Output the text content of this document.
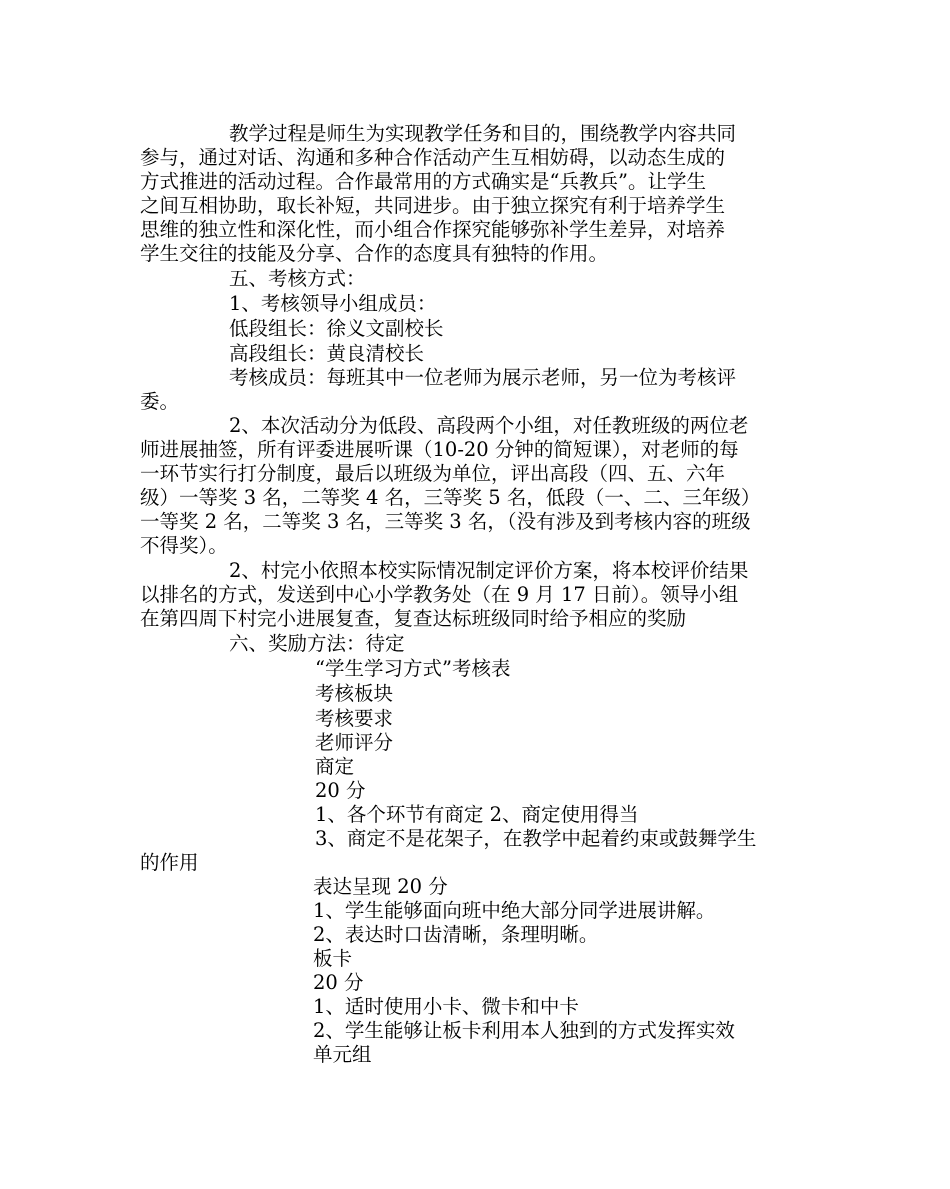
教学过程是师生为实现教学任务和目的，围绕教学内容共同
参与，通过对话、沟通和多种合作活动产生互相妨碍，以动态生成的
方式推进的活动过程。合作最常用的方式确实是“兵教兵”。让学生
之间互相协助，取长补短，共同进步。由于独立探究有利于培养学生
思维的独立性和深化性，而小组合作探究能够弥补学生差异，对培养
学生交往的技能及分享、合作的态度具有独特的作用。
五、考核方式：
1、考核领导小组成员：
低段组长：徐义文副校长
高段组长：黄良清校长
考核成员：每班其中一位老师为展示老师，另一位为考核评
委。
2、本次活动分为低段、高段两个小组，对任教班级的两位老
师进展抽签，所有评委进展听课（10-20 分钟的简短课），对老师的每
一环节实行打分制度，最后以班级为单位，评出高段（四、五、六年
级）一等奖 3 名，二等奖 4 名，三等奖 5 名，低段（一、二、三年级）
一等奖 2 名，二等奖 3 名，三等奖 3 名，（没有涉及到考核内容的班级
不得奖）。
2、村完小依照本校实际情况制定评价方案，将本校评价结果
以排名的方式，发送到中心小学教务处（在 9 月 17 日前）。领导小组
在第四周下村完小进展复查，复查达标班级同时给予相应的奖励
六、奖励方法：待定
“学生学习方式”考核表
考核板块
考核要求
老师评分
商定
20 分
1、各个环节有商定 2、商定使用得当
3、商定不是花架子，在教学中起着约束或鼓舞学生
的作用
表达呈现 20 分
1、学生能够面向班中绝大部分同学进展讲解。
2、表达时口齿清晰，条理明晰。
板卡
20 分
1、适时使用小卡、微卡和中卡
2、学生能够让板卡利用本人独到的方式发挥实效
单元组
